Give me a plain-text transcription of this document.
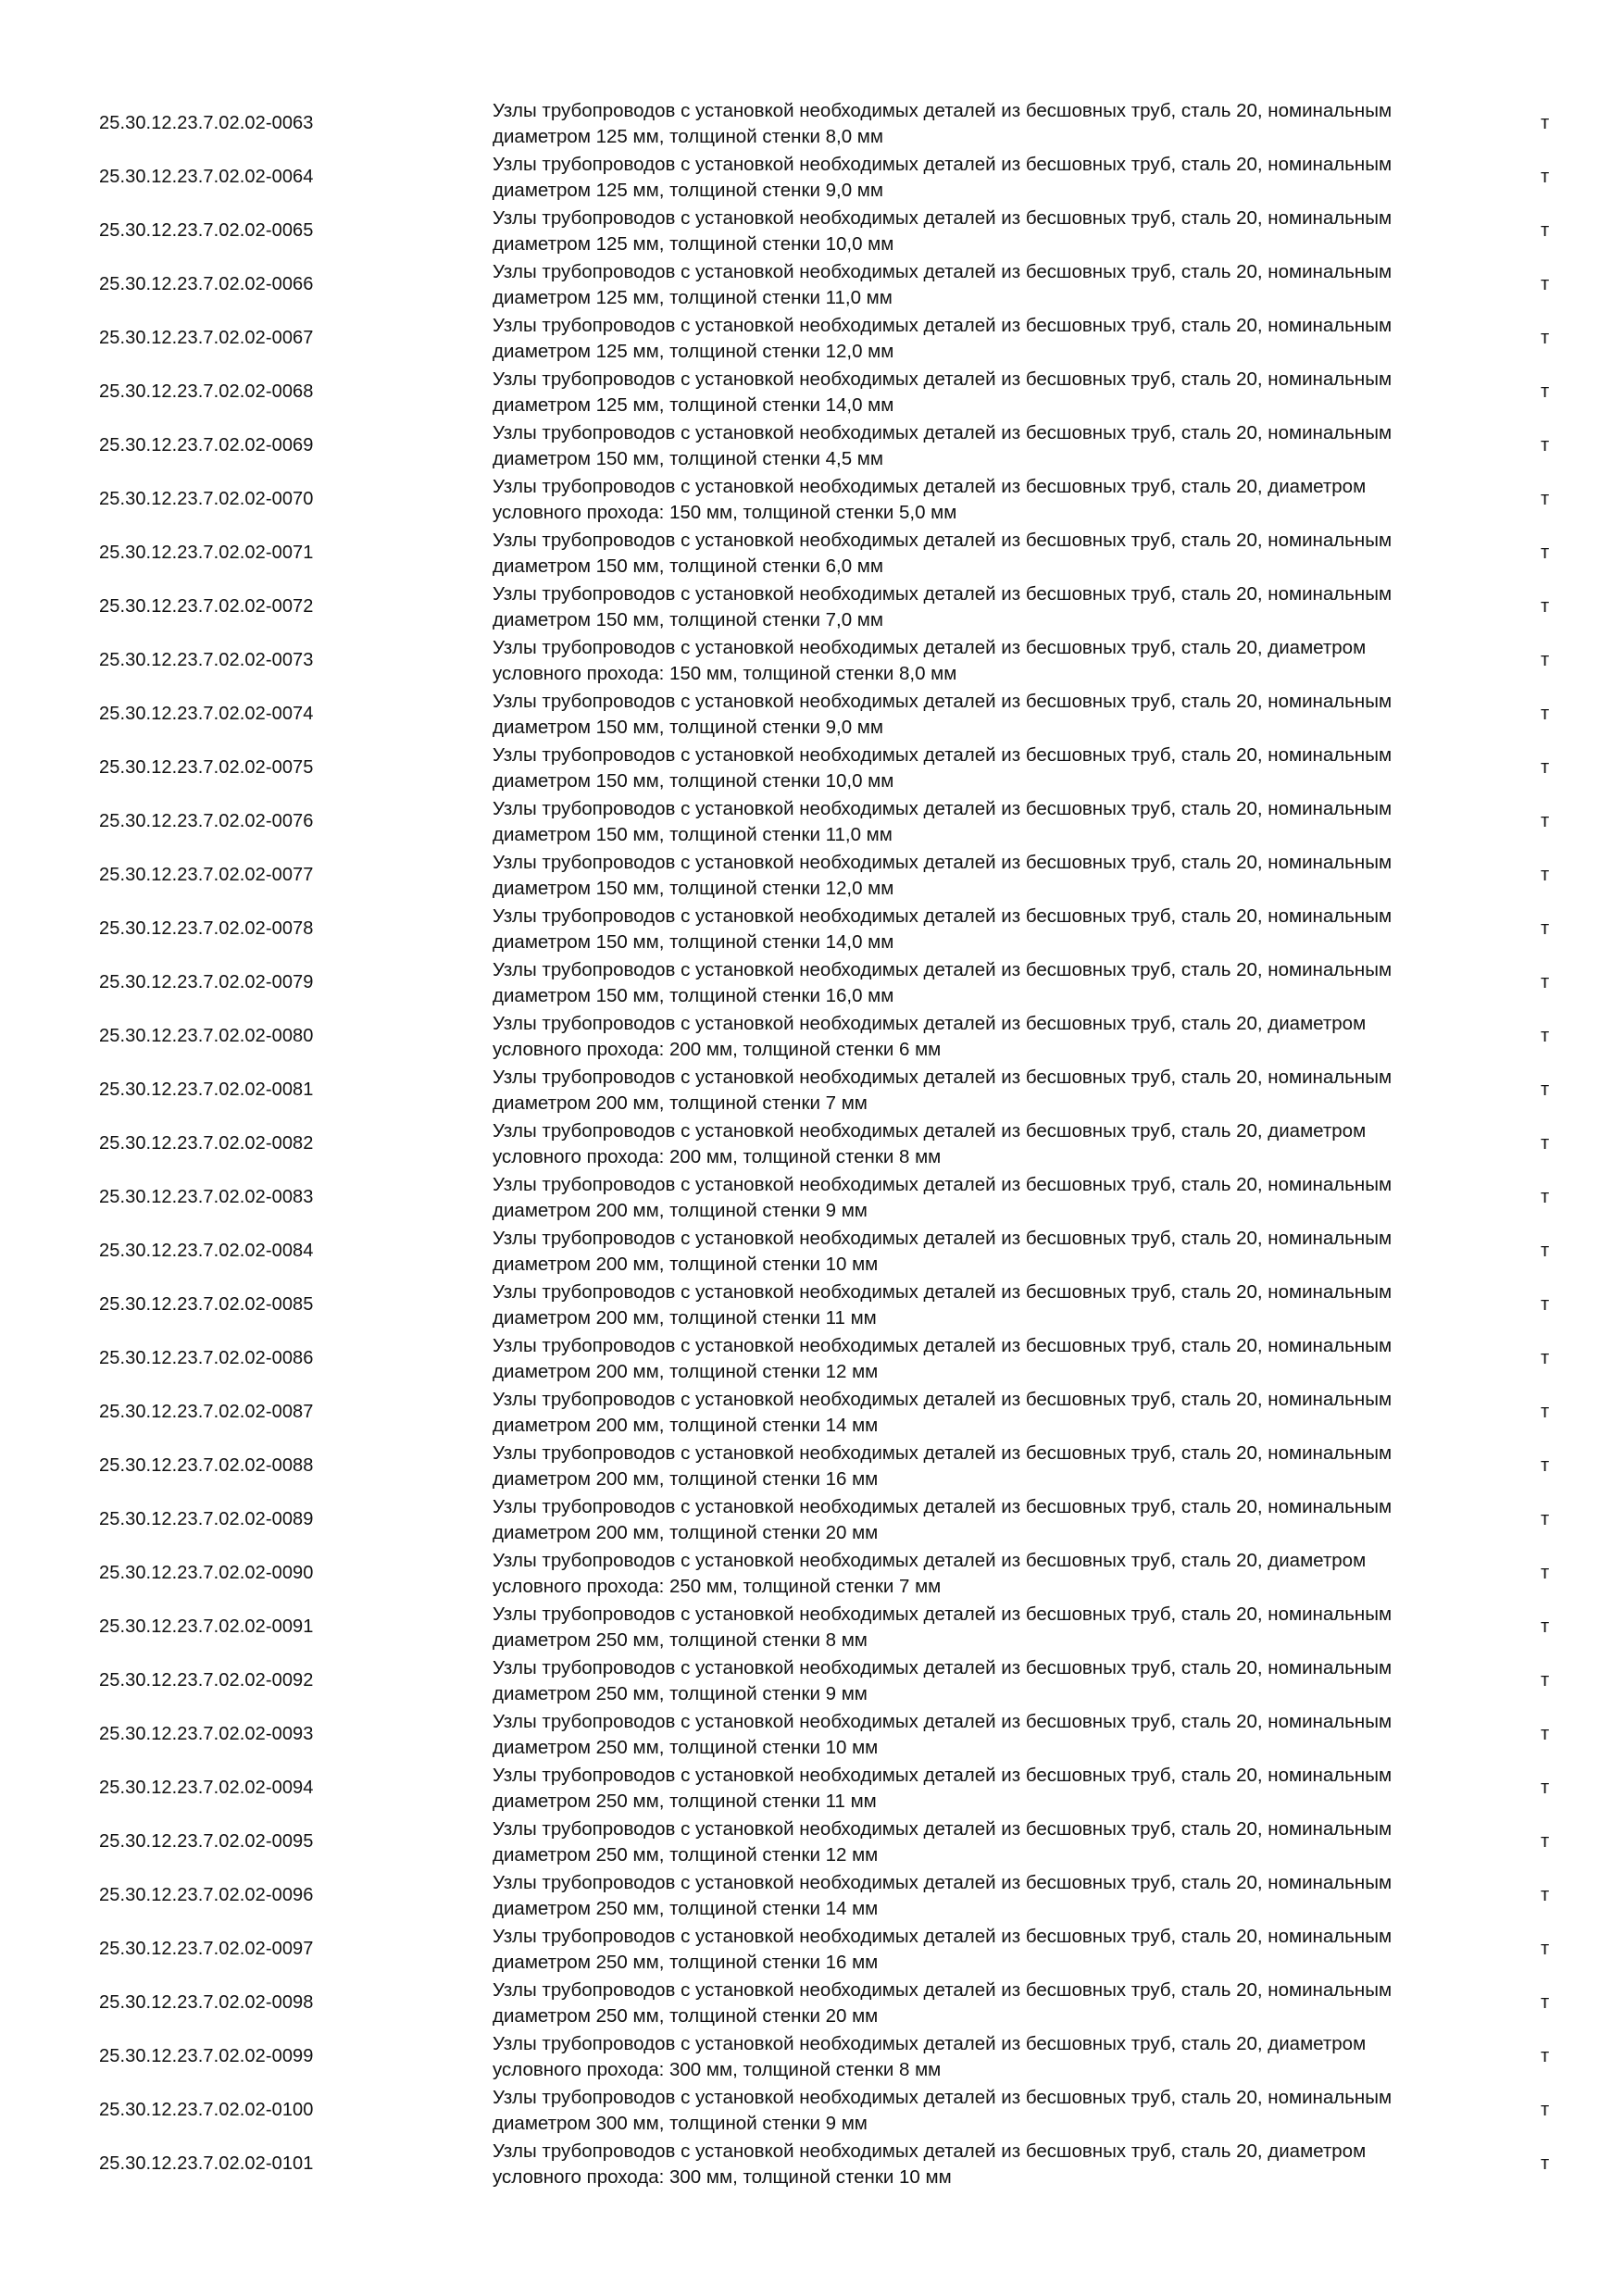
25.30.12.23.7.02.02-0063
Узлы трубопроводов с установкой необходимых деталей из бесшовных труб, сталь 20, номинальным
диаметром 125 мм, толщиной стенки 8,0 мм
т
25.30.12.23.7.02.02-0064
Узлы трубопроводов с установкой необходимых деталей из бесшовных труб, сталь 20, номинальным
диаметром 125 мм, толщиной стенки 9,0 мм
т
25.30.12.23.7.02.02-0065
Узлы трубопроводов с установкой необходимых деталей из бесшовных труб, сталь 20, номинальным
диаметром 125 мм, толщиной стенки 10,0 мм
т
25.30.12.23.7.02.02-0066
Узлы трубопроводов с установкой необходимых деталей из бесшовных труб, сталь 20, номинальным
диаметром 125 мм, толщиной стенки 11,0 мм
т
25.30.12.23.7.02.02-0067
Узлы трубопроводов с установкой необходимых деталей из бесшовных труб, сталь 20, номинальным
диаметром 125 мм, толщиной стенки 12,0 мм
т
25.30.12.23.7.02.02-0068
Узлы трубопроводов с установкой необходимых деталей из бесшовных труб, сталь 20, номинальным
диаметром 125 мм, толщиной стенки 14,0 мм
т
25.30.12.23.7.02.02-0069
Узлы трубопроводов с установкой необходимых деталей из бесшовных труб, сталь 20, номинальным
диаметром 150 мм, толщиной стенки 4,5 мм
т
25.30.12.23.7.02.02-0070
Узлы трубопроводов с установкой необходимых деталей из бесшовных труб, сталь 20, диаметром
условного прохода: 150 мм, толщиной стенки 5,0 мм
т
25.30.12.23.7.02.02-0071
Узлы трубопроводов с установкой необходимых деталей из бесшовных труб, сталь 20, номинальным
диаметром 150 мм, толщиной стенки 6,0 мм
т
25.30.12.23.7.02.02-0072
Узлы трубопроводов с установкой необходимых деталей из бесшовных труб, сталь 20, номинальным
диаметром 150 мм, толщиной стенки 7,0 мм
т
25.30.12.23.7.02.02-0073
Узлы трубопроводов с установкой необходимых деталей из бесшовных труб, сталь 20, диаметром
условного прохода: 150 мм, толщиной стенки 8,0 мм
т
25.30.12.23.7.02.02-0074
Узлы трубопроводов с установкой необходимых деталей из бесшовных труб, сталь 20, номинальным
диаметром 150 мм, толщиной стенки 9,0 мм
т
25.30.12.23.7.02.02-0075
Узлы трубопроводов с установкой необходимых деталей из бесшовных труб, сталь 20, номинальным
диаметром 150 мм, толщиной стенки 10,0 мм
т
25.30.12.23.7.02.02-0076
Узлы трубопроводов с установкой необходимых деталей из бесшовных труб, сталь 20, номинальным
диаметром 150 мм, толщиной стенки 11,0 мм
т
25.30.12.23.7.02.02-0077
Узлы трубопроводов с установкой необходимых деталей из бесшовных труб, сталь 20, номинальным
диаметром 150 мм, толщиной стенки 12,0 мм
т
25.30.12.23.7.02.02-0078
Узлы трубопроводов с установкой необходимых деталей из бесшовных труб, сталь 20, номинальным
диаметром 150 мм, толщиной стенки 14,0 мм
т
25.30.12.23.7.02.02-0079
Узлы трубопроводов с установкой необходимых деталей из бесшовных труб, сталь 20, номинальным
диаметром 150 мм, толщиной стенки 16,0 мм
т
25.30.12.23.7.02.02-0080
Узлы трубопроводов с установкой необходимых деталей из бесшовных труб, сталь 20, диаметром
условного прохода: 200 мм, толщиной стенки 6 мм
т
25.30.12.23.7.02.02-0081
Узлы трубопроводов с установкой необходимых деталей из бесшовных труб, сталь 20, номинальным
диаметром 200 мм, толщиной стенки 7 мм
т
25.30.12.23.7.02.02-0082
Узлы трубопроводов с установкой необходимых деталей из бесшовных труб, сталь 20, диаметром
условного прохода: 200 мм, толщиной стенки 8 мм
т
25.30.12.23.7.02.02-0083
Узлы трубопроводов с установкой необходимых деталей из бесшовных труб, сталь 20, номинальным
диаметром 200 мм, толщиной стенки 9 мм
т
25.30.12.23.7.02.02-0084
Узлы трубопроводов с установкой необходимых деталей из бесшовных труб, сталь 20, номинальным
диаметром 200 мм, толщиной стенки 10 мм
т
25.30.12.23.7.02.02-0085
Узлы трубопроводов с установкой необходимых деталей из бесшовных труб, сталь 20, номинальным
диаметром 200 мм, толщиной стенки 11 мм
т
25.30.12.23.7.02.02-0086
Узлы трубопроводов с установкой необходимых деталей из бесшовных труб, сталь 20, номинальным
диаметром 200 мм, толщиной стенки 12 мм
т
25.30.12.23.7.02.02-0087
Узлы трубопроводов с установкой необходимых деталей из бесшовных труб, сталь 20, номинальным
диаметром 200 мм, толщиной стенки 14 мм
т
25.30.12.23.7.02.02-0088
Узлы трубопроводов с установкой необходимых деталей из бесшовных труб, сталь 20, номинальным
диаметром 200 мм, толщиной стенки 16 мм
т
25.30.12.23.7.02.02-0089
Узлы трубопроводов с установкой необходимых деталей из бесшовных труб, сталь 20, номинальным
диаметром 200 мм, толщиной стенки 20 мм
т
25.30.12.23.7.02.02-0090
Узлы трубопроводов с установкой необходимых деталей из бесшовных труб, сталь 20, диаметром
условного прохода: 250 мм, толщиной стенки 7 мм
т
25.30.12.23.7.02.02-0091
Узлы трубопроводов с установкой необходимых деталей из бесшовных труб, сталь 20, номинальным
диаметром 250 мм, толщиной стенки 8 мм
т
25.30.12.23.7.02.02-0092
Узлы трубопроводов с установкой необходимых деталей из бесшовных труб, сталь 20, номинальным
диаметром 250 мм, толщиной стенки 9 мм
т
25.30.12.23.7.02.02-0093
Узлы трубопроводов с установкой необходимых деталей из бесшовных труб, сталь 20, номинальным
диаметром 250 мм, толщиной стенки 10 мм
т
25.30.12.23.7.02.02-0094
Узлы трубопроводов с установкой необходимых деталей из бесшовных труб, сталь 20, номинальным
диаметром 250 мм, толщиной стенки 11 мм
т
25.30.12.23.7.02.02-0095
Узлы трубопроводов с установкой необходимых деталей из бесшовных труб, сталь 20, номинальным
диаметром 250 мм, толщиной стенки 12 мм
т
25.30.12.23.7.02.02-0096
Узлы трубопроводов с установкой необходимых деталей из бесшовных труб, сталь 20, номинальным
диаметром 250 мм, толщиной стенки 14 мм
т
25.30.12.23.7.02.02-0097
Узлы трубопроводов с установкой необходимых деталей из бесшовных труб, сталь 20, номинальным
диаметром 250 мм, толщиной стенки 16 мм
т
25.30.12.23.7.02.02-0098
Узлы трубопроводов с установкой необходимых деталей из бесшовных труб, сталь 20, номинальным
диаметром 250 мм, толщиной стенки 20 мм
т
25.30.12.23.7.02.02-0099
Узлы трубопроводов с установкой необходимых деталей из бесшовных труб, сталь 20, диаметром
условного прохода: 300 мм, толщиной стенки 8 мм
т
25.30.12.23.7.02.02-0100
Узлы трубопроводов с установкой необходимых деталей из бесшовных труб, сталь 20, номинальным
диаметром 300 мм, толщиной стенки 9 мм
т
25.30.12.23.7.02.02-0101
Узлы трубопроводов с установкой необходимых деталей из бесшовных труб, сталь 20, диаметром
условного прохода: 300 мм, толщиной стенки 10 мм
т
